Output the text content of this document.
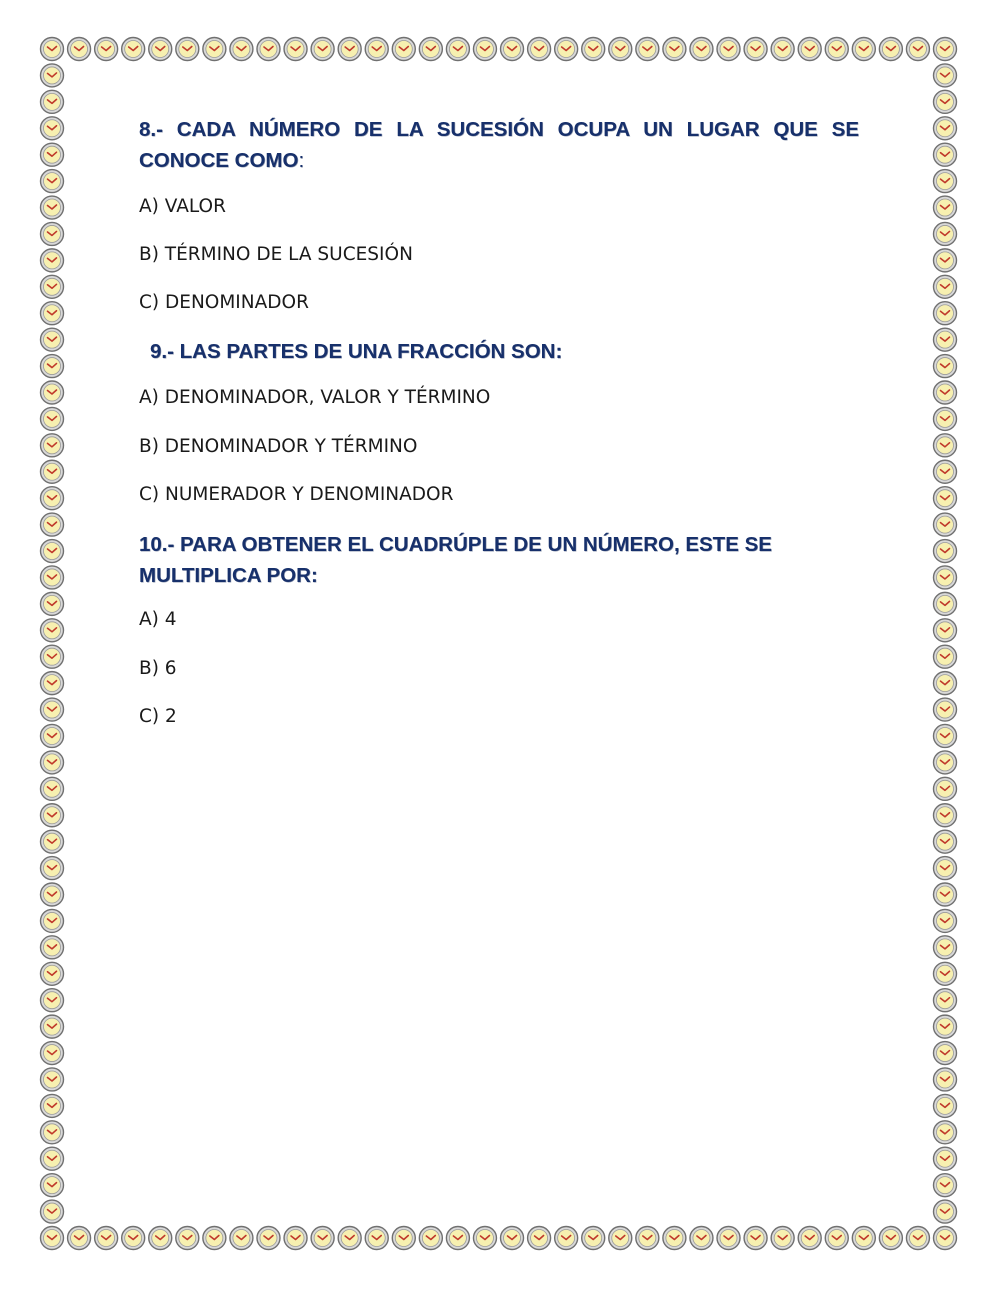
8.- CADA NÚMERO DE LA SUCESIÓN OCUPA UN LUGAR QUE SE CONOCE COMO:

A) VALOR

B) TÉRMINO DE LA SUCESIÓN

C) DENOMINADOR

9.- LAS PARTES DE UNA FRACCIÓN SON:

A) DENOMINADOR, VALOR Y TÉRMINO

B) DENOMINADOR Y TÉRMINO

C) NUMERADOR Y DENOMINADOR

10.- PARA OBTENER EL CUADRÚPLE DE UN NÚMERO, ESTE SE MULTIPLICA POR:

A) 4

B) 6

C) 2
